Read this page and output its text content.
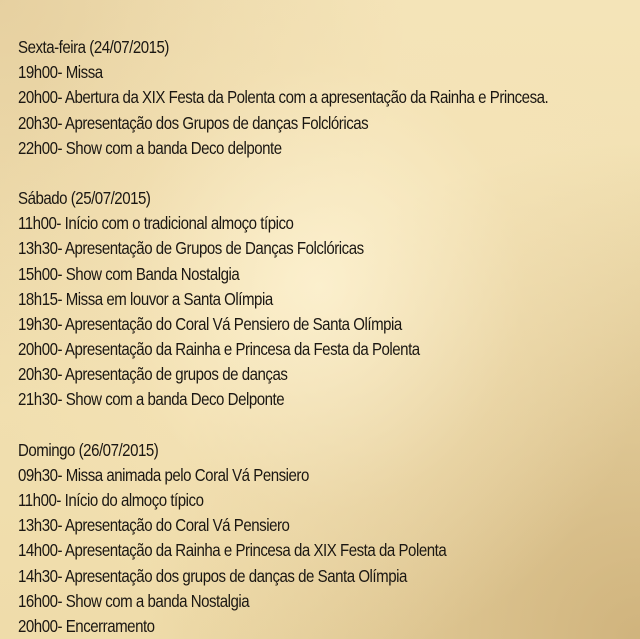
Sexta-feira (24/07/2015)
19h00- Missa
20h00- Abertura da XIX Festa da Polenta com a apresentação da Rainha e Princesa.
20h30- Apresentação dos Grupos de danças Folclóricas
22h00- Show com a banda Deco delponte
Sábado (25/07/2015)
11h00- Início com o tradicional almoço típico
13h30- Apresentação de Grupos de Danças Folclóricas
15h00- Show com Banda Nostalgia
18h15- Missa em louvor a Santa Olímpia
19h30- Apresentação do Coral Vá Pensiero de Santa Olímpia
20h00- Apresentação da Rainha e Princesa da Festa da Polenta
20h30- Apresentação de grupos de danças
21h30- Show com a banda Deco Delponte
Domingo (26/07/2015)
09h30- Missa animada pelo Coral Vá Pensiero
11h00- Início do almoço típico
13h30- Apresentação do Coral Vá Pensiero
14h00- Apresentação da Rainha e Princesa da XIX Festa da Polenta
14h30- Apresentação dos grupos de danças de Santa Olímpia
16h00- Show com a banda Nostalgia
20h00- Encerramento
